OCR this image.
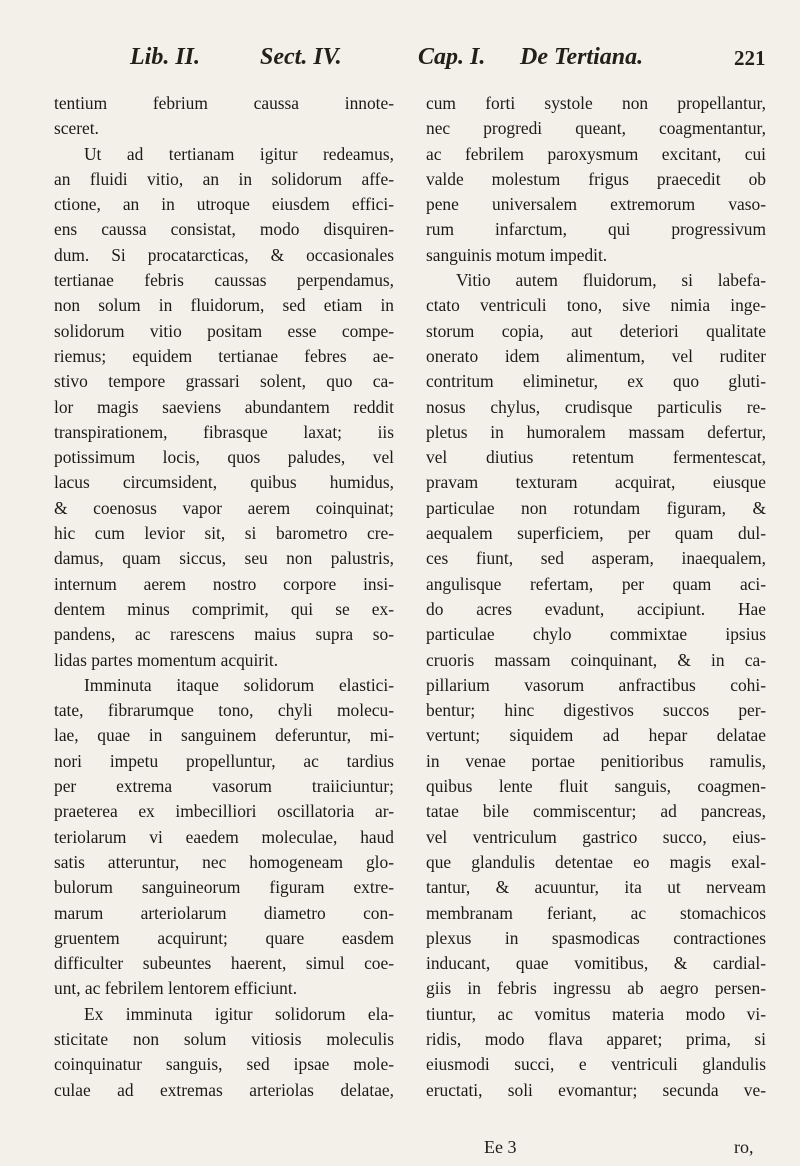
Lib. II. Sect. IV.	Cap. I. De Tertiana.	221
tentium febrium caussa innote-
sceret.
Ut ad tertianam igitur redeamus,
an fluidi vitio, an in solidorum affe-
ctione, an in utroque eiusdem effici-
ens caussa consistat, modo disquiren-
dum. Si procatarcticas, & occasionales
tertianae febris caussas perpendamus,
non solum in fluidorum, sed etiam in
solidorum vitio positam esse compe-
riemus; equidem tertianae febres ae-
stivo tempore grassari solent, quo ca-
lor magis saeviens abundantem reddit
transpirationem, fibrasque laxat; iis
potissimum locis, quos paludes, vel
lacus circumsident, quibus humidus,
& coenosus vapor aerem coinquinat;
hic cum levior sit, si barometro cre-
damus, quam siccus, seu non palustris,
internum aerem nostro corpore insi-
dentem minus comprimit, qui se ex-
pandens, ac rarescens maius supra so-
lidas partes momentum acquirit.
Imminuta itaque solidorum elastici-
tate, fibrarumque tono, chyli molecu-
lae, quae in sanguinem deferuntur, mi-
nori impetu propelluntur, ac tardius
per extrema vasorum traiiciuntur;
praeterea ex imbecilliori oscillatoria ar-
teriolarum vi eaedem moleculae, haud
satis atteruntur, nec homogeneam glo-
bulorum sanguineorum figuram extre-
marum arteriolarum diametro con-
gruentem acquirunt; quare easdem
difficulter subeuntes haerent, simul coe-
unt, ac febrilem lentorem efficiunt.
Ex imminuta igitur solidorum ela-
sticitate non solum vitiosis moleculis
coinquinatur sanguis, sed ipsae mole-
culae ad extremas arteriolas delatae,
cum forti systole non propellantur,
nec progredi queant, coagmentantur,
ac febrilem paroxysmum excitant, cui
valde molestum frigus praecedit ob
pene universalem extremorum vaso-
rum infarctum, qui progressivum
sanguinis motum impedit.
Vitio autem fluidorum, si labefa-
ctato ventriculi tono, sive nimia inge-
storum copia, aut deteriori qualitate
onerato idem alimentum, vel ruditer
contritum eliminetur, ex quo gluti-
nosus chylus, crudisque particulis re-
pletus in humoralem massam defertur,
vel diutius retentum fermentescat,
pravam texturam acquirat, eiusque
particulae non rotundam figuram, &
aequalem superficiem, per quam dul-
ces fiunt, sed asperam, inaequalem,
angulisque refertam, per quam aci-
do acres evadunt, accipiunt. Hae
particulae chylo commixtae ipsius
cruoris massam coinquinant, & in ca-
pillarium vasorum anfractibus cohi-
bentur; hinc digestivos succos per-
vertunt; siquidem ad hepar delatae
in venae portae penitioribus ramulis,
quibus lente fluit sanguis, coagmen-
tatae bile commiscentur; ad pancreas,
vel ventriculum gastrico succo, eius-
que glandulis detentae eo magis exal-
tantur, & acuuntur, ita ut nerveam
membranam feriant, ac stomachicos
plexus in spasmodicas contractiones
inducant, quae vomitibus, & cardial-
giis in febris ingressu ab aegro persen-
tiuntur, ac vomitus materia modo vi-
ridis, modo flava apparet; prima, si
eiusmodi succi, e ventriculi glandulis
eructati, soli evomantur; secunda ve-
Ee 3	ro,
